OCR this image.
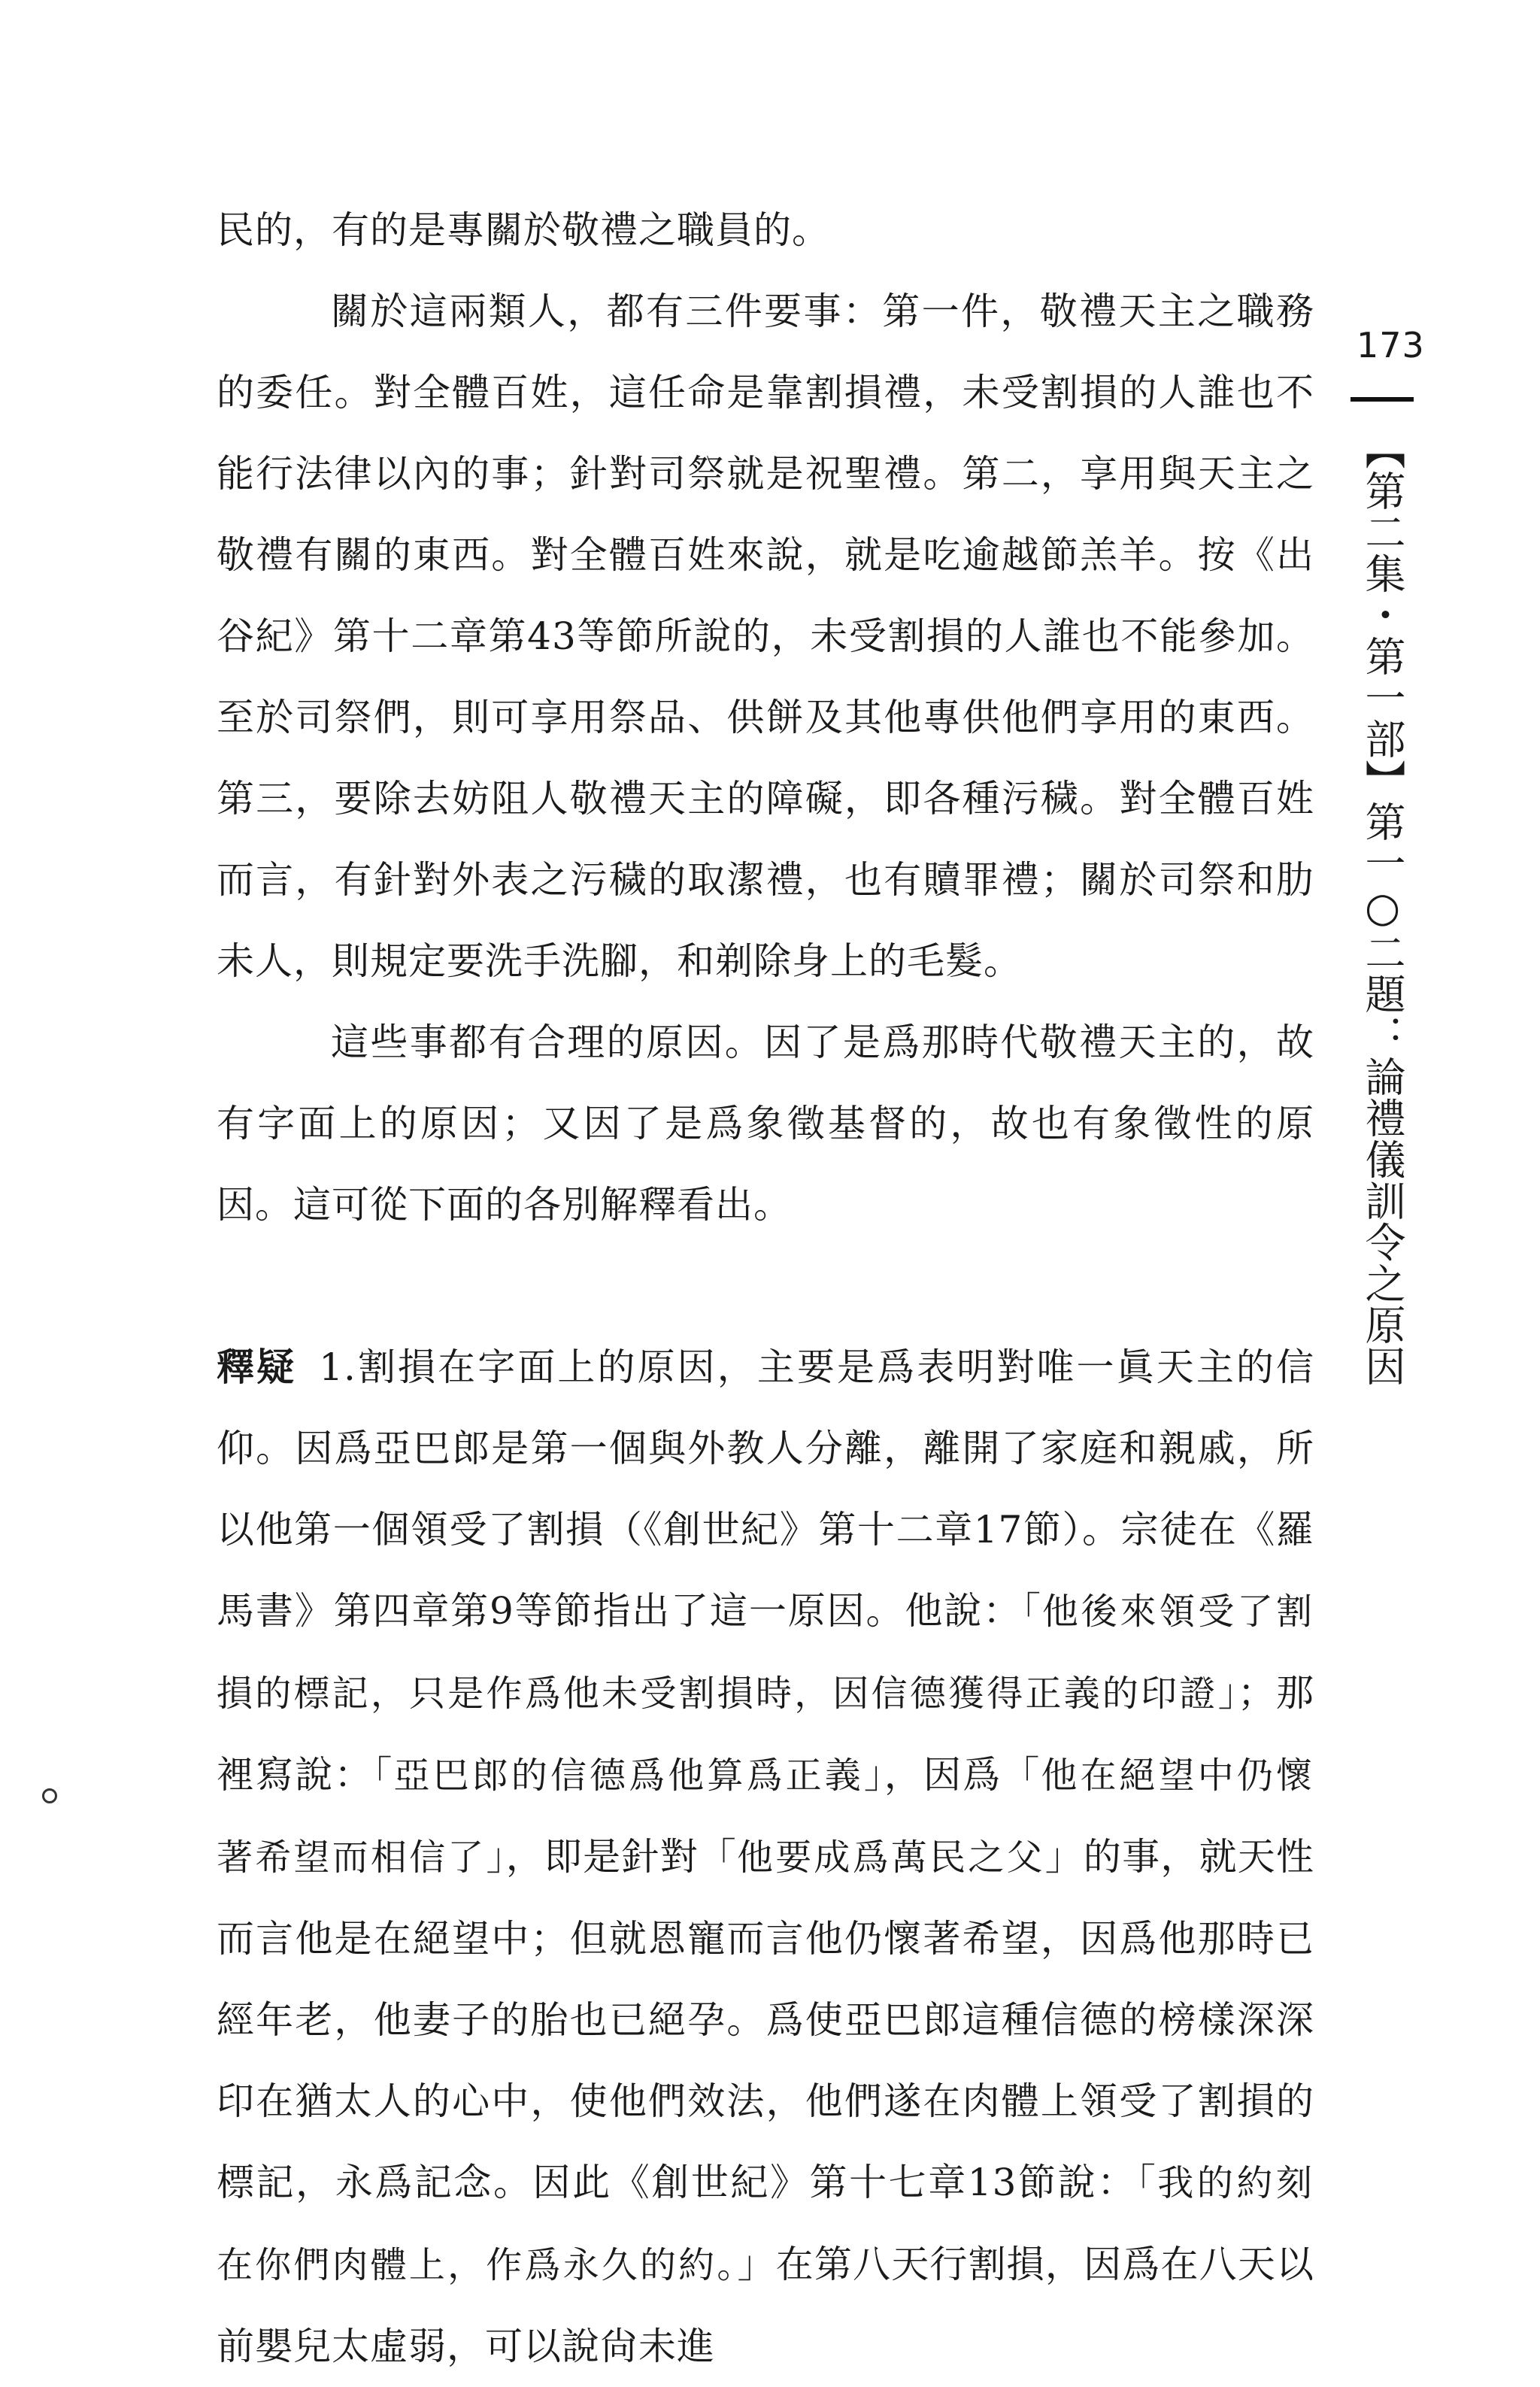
民的，有的是專關於敬禮之職員的。

關於這兩類人，都有三件要事：第一件，敬禮天主之職務的委任。對全體百姓，這任命是靠割損禮，未受割損的人誰也不能行法律以內的事；針對司祭就是祝聖禮。第二，享用與天主之敬禮有關的東西。對全體百姓來說，就是吃逾越節羔羊。按《出谷紀》第十二章第43等節所說的，未受割損的人誰也不能參加。至於司祭們，則可享用祭品、供餅及其他專供他們享用的東西。第三，要除去妨阻人敬禮天主的障礙，即各種污穢。對全體百姓而言，有針對外表之污穢的取潔禮，也有贖罪禮；關於司祭和肋未人，則規定要洗手洗腳，和剃除身上的毛髮。

這些事都有合理的原因。因了是爲那時代敬禮天主的，故有字面上的原因；又因了是爲象徵基督的，故也有象徵性的原因。這可從下面的各別解釋看出。

釋疑 1.割損在字面上的原因，主要是爲表明對唯一眞天主的信仰。因爲亞巴郎是第一個與外教人分離，離開了家庭和親戚，所以他第一個領受了割損（《創世紀》第十二章17節）。宗徒在《羅馬書》第四章第9等節指出了這一原因。他說：「他後來領受了割損的標記，只是作爲他未受割損時，因信德獲得正義的印證」；那裡寫說：「亞巴郎的信德爲他算爲正義」，因爲「他在絕望中仍懷著希望而相信了」，即是針對「他要成爲萬民之父」的事，就天性而言他是在絕望中；但就恩寵而言他仍懷著希望，因爲他那時已經年老，他妻子的胎也已絕孕。爲使亞巴郎這種信德的榜樣深深印在猶太人的心中，使他們效法，他們遂在肉體上領受了割損的標記，永爲記念。因此《創世紀》第十七章13節說：「我的約刻在你們肉體上，作爲永久的約。」在第八天行割損，因爲在八天以前嬰兒太虛弱，可以說尙未進

173
【第二集・第一部】第一○二題：論禮儀訓令之原因
